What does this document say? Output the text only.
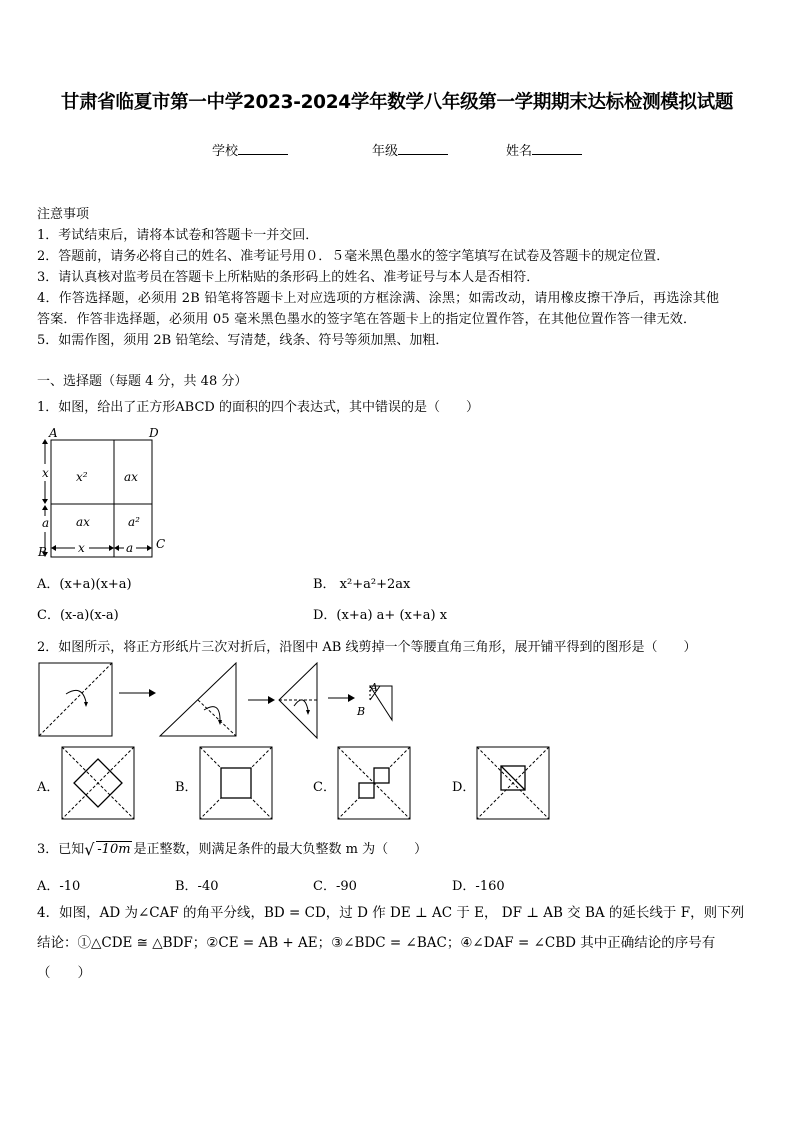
甘肃省临夏市第一中学2023-2024学年数学八年级第一学期期末达标检测模拟试题
学校	年级	姓名
注意事项
1．考试结束后，请将本试卷和答题卡一并交回．
2．答题前，请务必将自己的姓名、准考证号用０．５毫米黑色墨水的签字笔填写在试卷及答题卡的规定位置．
3．请认真核对监考员在答题卡上所粘贴的条形码上的姓名、准考证号与本人是否相符．
4．作答选择题，必须用 2B 铅笔将答题卡上对应选项的方框涂满、涂黑；如需改动，请用橡皮擦干净后，再选涂其他
答案．作答非选择题，必须用 05 毫米黑色墨水的签字笔在答题卡上的指定位置作答，在其他位置作答一律无效．
5．如需作图，须用 2B 铅笔绘、写清楚，线条、符号等须加黑、加粗．
一、选择题（每题 4 分，共 48 分）
1．如图，给出了正方形ABCD 的面积的四个表达式，其中错误的是（　　）
A	D
B
C
x
a
x	a
x²	ax
ax	a²
A．(x+a)(x+a)	B． x²+a²+2ax
C．(x-a)(x-a)	D．(x+a) a+ (x+a) x
2．如图所示，将正方形纸片三次对折后，沿图中 AB 线剪掉一个等腰直角三角形，展开铺平得到的图形是（　　）
A
B
A．	B．	C．	D．
3．已知 √ -10m 是正整数，则满足条件的最大负整数 m 为（　　）
A．-10	B．-40	C．-90	D．-160
4．如图，AD 为∠CAF 的角平分线，BD = CD，过 D 作 DE ⊥ AC 于 E， DF ⊥ AB 交 BA 的延长线于 F，则下列
结论：①△CDE ≅ △BDF；②CE = AB + AE；③∠BDC = ∠BAC；④∠DAF = ∠CBD 其中正确结论的序号有
（　　）
